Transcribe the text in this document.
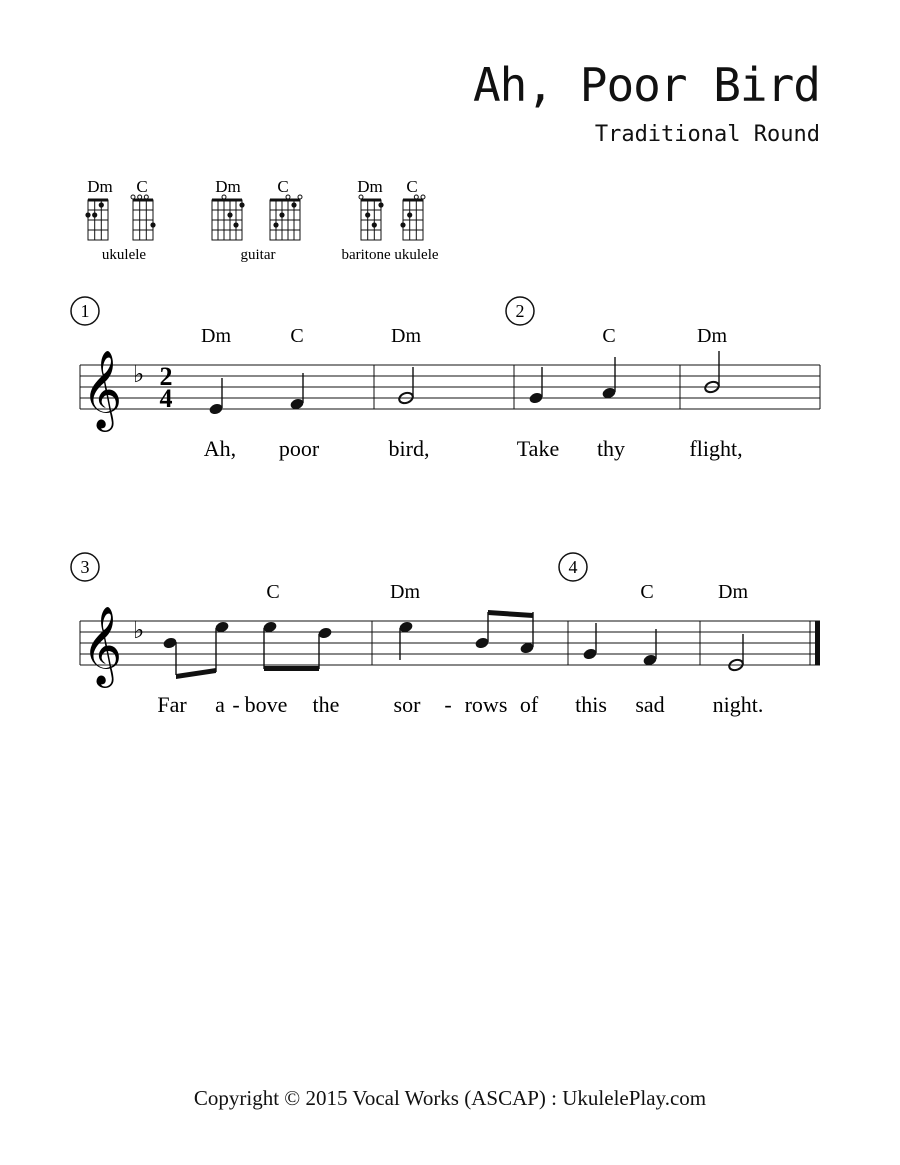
Ah, Poor Bird
Traditional Round
Dm C
ukulele
Dm C
guitar
Dm C
baritone ukulele
1	2
Dm	C	Dm	C	Dm
𝄞 ♭ 2
4
Ah, poor	bird,	Take thy	flight,
3	4
C	Dm	C	Dm
𝄞 ♭
Far a - bove the sor - rows of this sad night.
Copyright © 2015 Vocal Works (ASCAP) : UkulelePlay.com
